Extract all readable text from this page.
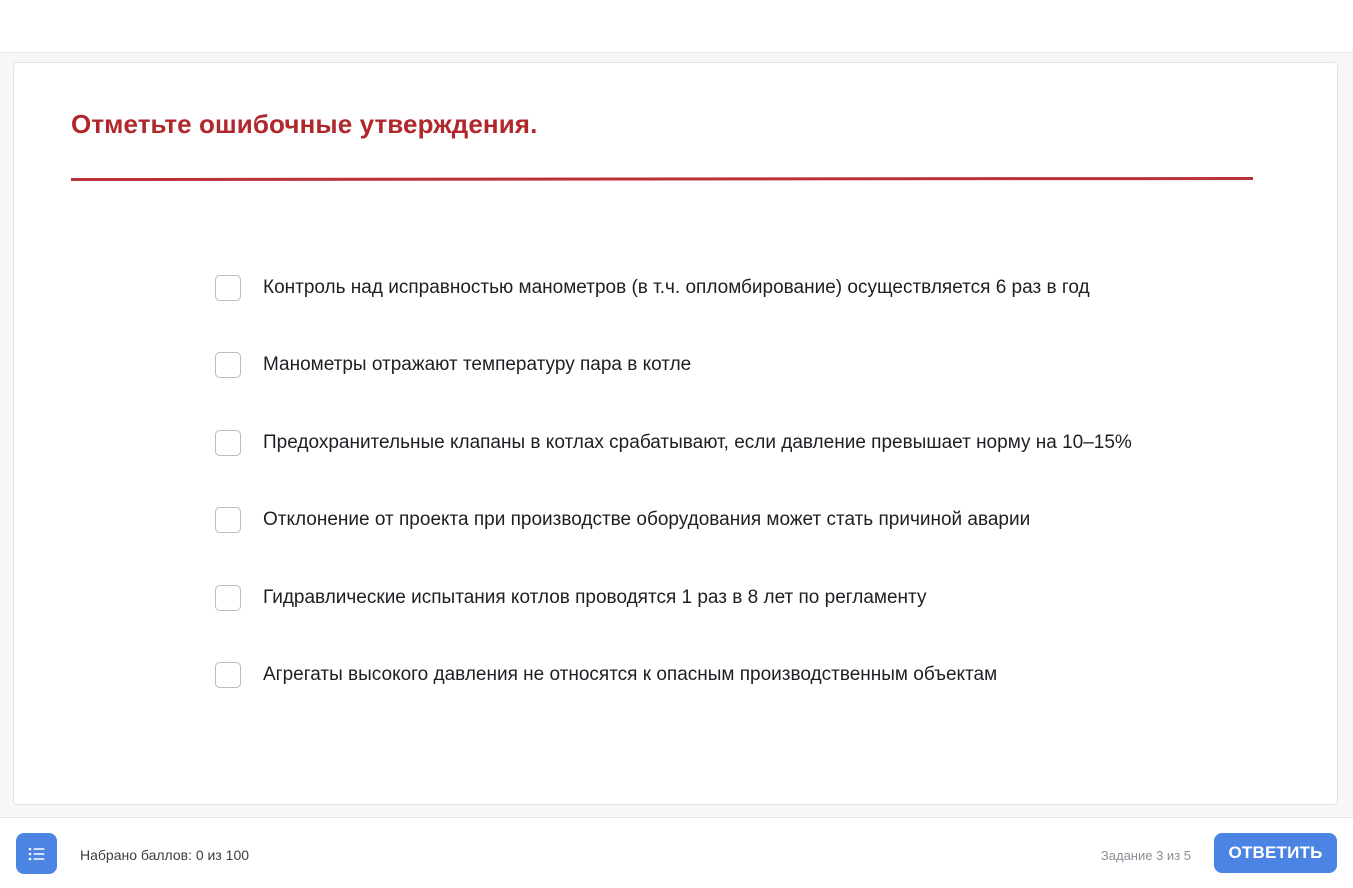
Отметьте ошибочные утверждения.
Контроль над исправностью манометров (в т.ч. опломбирование) осуществляется 6 раз в год
Манометры отражают температуру пара в котле
Предохранительные клапаны в котлах срабатывают, если давление превышает норму на 10–15%
Отклонение от проекта при производстве оборудования может стать причиной аварии
Гидравлические испытания котлов проводятся 1 раз в 8 лет по регламенту
Агрегаты высокого давления не относятся к опасным производственным объектам
Набрано баллов: 0 из 100	Задание 3 из 5	ОТВЕТИТЬ
